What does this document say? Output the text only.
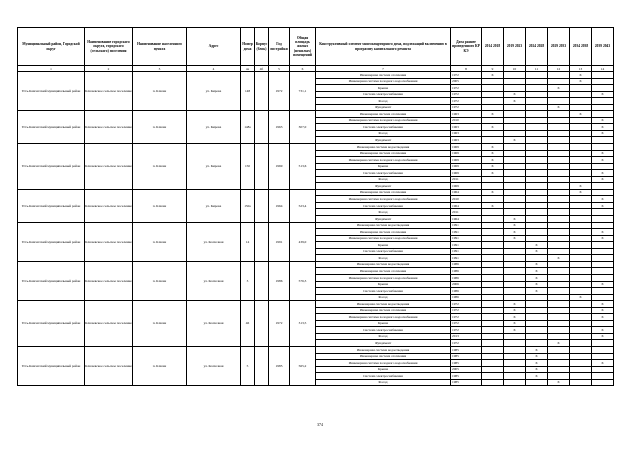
Муниципальный район, Городской округ	Наименование городского округа, городского (сельского) поселения	Наименование населенного пункта	Адрес	Номер дома	Корпус (блок)	Год постройки	Общая площадь жилых (нежилых) помещений	Конструктивный элемент многоквартирного дома, подлежащий включению в программу капитального ремонта	Дата раннее проведенного КР КЭ	2014 2018	2019 2023	2024 2028	2029 2033	2034 2038	2039 2043
1	2	3	4	4а	4б	5	6	7	8	9	10	11	12	13	14
Усть-Камчатский муниципальный район	Ключевское сельское поселение	п. Ключи	ул. Кирова	148		1972	731,1	Инженерная система отопления	1972	X				X	
								Инженерная система холодного водоснабжения	2005					X	
								Крыша	1972				X		
								Система электроснабжения	1972		X				X
								Фасад	1972		X				
								Фундамент	1972				X		
Усть-Камчатский муниципальный район	Ключевское сельское поселение	п. Ключи	ул. Кирова	148а		1963	307,0	Инженерная система отопления	1963	X				X	
								Инженерная система холодного водоснабжения	2010						X
								Система электроснабжения	1963	X					X
								Фасад	1963						X
								Фундамент	1963		X				
Усть-Камчатский муниципальный район	Ключевское сельское поселение	п. Ключи	ул. Кирова	150		1969	513,6	Инженерная система водоотведения	1969	X					
								Инженерная система отопления	1969	X					X
								Инженерная система холодного водоснабжения	1969	X					X
								Крыша	1969	X					
								Система электроснабжения	1969	X					X
								Фасад	2011						X
								Фундамент	1969					X	
Усть-Камчатский муниципальный район	Ключевское сельское поселение	п. Ключи	ул. Кирова	150а		1964	523,4	Инженерная система отопления	1964	X				X	
								Инженерная система холодного водоснабжения	2010						X
								Система электроснабжения	1964	X					X
								Фасад	2011						
								Фундамент	1964		X				
Усть-Камчатский муниципальный район	Ключевское сельское поселение	п. Ключи	ул. Колхозная	14		1991	439,0	Инженерная система водоотведения	1991		X				
								Инженерная система отопления	1991		X				X
								Инженерная система холодного водоснабжения	1991		X				X
								Крыша	1991			X			
								Система электроснабжения	1991			X			
								Фасад	1991				X		
Усть-Камчатский муниципальный район	Ключевское сельское поселение	п. Ключи	ул. Колхозная	3		1986	576,3	Инженерная система водоотведения	1986			X			
								Инженерная система отопления	1986			X			
								Инженерная система холодного водоснабжения	1986			X			
								Крыша	2006			X			X
								Система электроснабжения	1986			X			
								Фасад	1986					X	
Усть-Камчатский муниципальный район	Ключевское сельское поселение	п. Ключи	ул. Колхозная	46		1972	313,5	Инженерная система водоотведения	1972		X				X
								Инженерная система отопления	1972		X				X
								Инженерная система холодного водоснабжения	1972		X				X
								Крыша	1972		X				
								Система электроснабжения	1972		X				X
								Фасад	2013						X
								Фундамент	1972				X		
Усть-Камчатский муниципальный район	Ключевское сельское поселение	п. Ключи	ул. Колхозная	5		1985	565,2	Инженерная система водоотведения	1985			X			
								Инженерная система отопления	1985			X			
								Инженерная система холодного водоснабжения	1985			X			X
								Крыша	2005			X			
								Система электроснабжения	1985			X			
								Фасад	1985				X		
374
